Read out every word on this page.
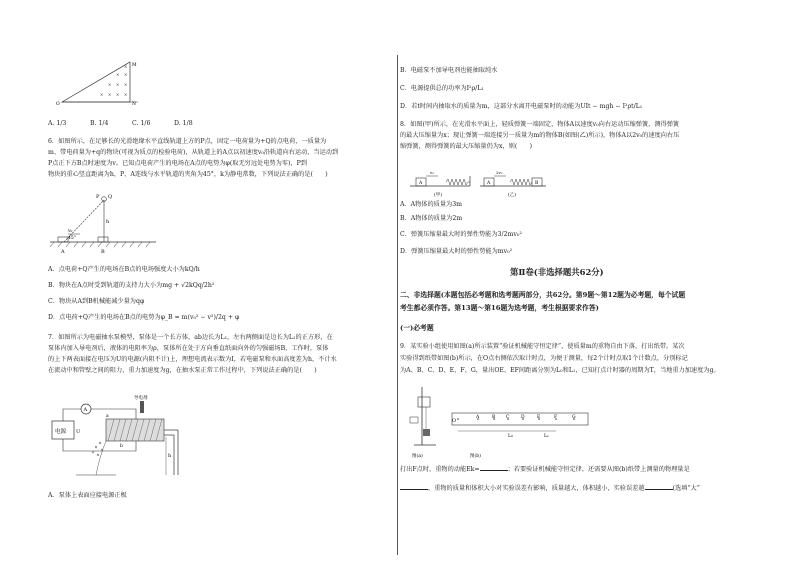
× × × ×
× × ×
× ×
× M
O	N
A. 1/3	B. 1/4	C. 1/6	D. 1/8
6．如图所示，在足够长的光滑绝缘水平直线轨道上方的P点，固定一电荷量为+Q的点电荷，一质量为
m、带电荷量为+q的物块(可视为质点的检验电荷)，从轨道上的A点以初速度v₀沿轨道向右运动，当运动到
P点正下方B点时速度为v。已知点电荷产生的电场在A点的电势为φ(取无穷远处电势为零)，P到
物块的重心竖直距离为h，P、A连线与水平轨道的夹角为45°，k为静电常数，下列说法正确的是(　　)
P Q
h
45°
v₀
A	B
A．点电荷+Q产生的电场在B点的电场强度大小为kQ/h
B．物块在A点时受到轨道的支持力大小为mg + √2kQq/2h²
C．物块从A到B机械能减少量为qφ
D．点电荷+Q产生的电场在B点的电势为φ_B = m(v₀² − v²)/2q + φ
7．如图所示为电磁抽水泵模型，泵体是一个长方体，ab边长为L₁，左右两侧面是边长为L₂的正方形，在
泵体内加入导电剂后，液体的电阻率为ρ，泵体所在处于方向垂直纸面向外的匀强磁场B，工作时，泵体
的上下两表面接在电压为U的电源(内阻不计)上，理想电流表示数为I，若电磁泵和水面高度差为h，不计水
在流动中和管壁之间的阻力，重力加速度为g，在抽水泵正常工作过程中，下列说法正确的是(　　)
A．泵体上表面应接电源正极
电源 U
A
h
导电剂
a
b
B．电磁泵不加导电剂也能抽取纯水
C．电源提供总的功率为I²ρ/L₁
D．若t时间内抽取水的质量为m，这部分水离开电磁泵时的动能为UIt − mgh − I²ρt/L₁
8．如图(甲)所示，在光滑水平面上，轻质弹簧一端固定，物体A以速度v₀向右运动压缩弹簧，测得弹簧
的最大压缩量为x；现让弹簧一端连接另一质量为m的物体B(如图(乙)所示)，物体A以2v₀的速度向右压
缩弹簧，测得弹簧的最大压缩量仍为x，则(　　)
A．A物体的质量为3m
B．A物体的质量为2m
C．弹簧压缩量最大时的弹性势能为3/2mv₀²
D．弹簧压缩量最大时的弹性势能为mv₀²
A
v₀
(甲)
A
2v₀
B
(乙)
第Ⅱ卷(非选择题共62分)
二、非选择题(本题包括必考题和选考题两部分，共62分。第9题～第12题为必考题，每个试题
考生都必须作答。第13题～第16题为选考题，考生根据要求作答)
(一)必考题
9．某实验小组使用如图(a)所示装置“验证机械能守恒定律”，使质量m的重物自由下落，打出纸带。某次
实验得到纸带如图(b)所示，在O点右侧依次取计时点，为便于测量，每2个计时点取1个计数点，分别标记
为A、B、C、D、E、F、G，量出OE、EF间距离分别为L₀和L₁，已知打点计时器的周期为T，当地重力加速度为g。
打出F点时，重物的动能Ek=	；若要验证机械能守恒定律，还需要从图(b)纸带上测量的物理量是
，重物的质量和体积大小对实验误差有影响，质量越大，体积越小，实验误差越	(选填“大”
图(a)
O
A	B C	D	E	F	G
L₀	L₁
图(b)
